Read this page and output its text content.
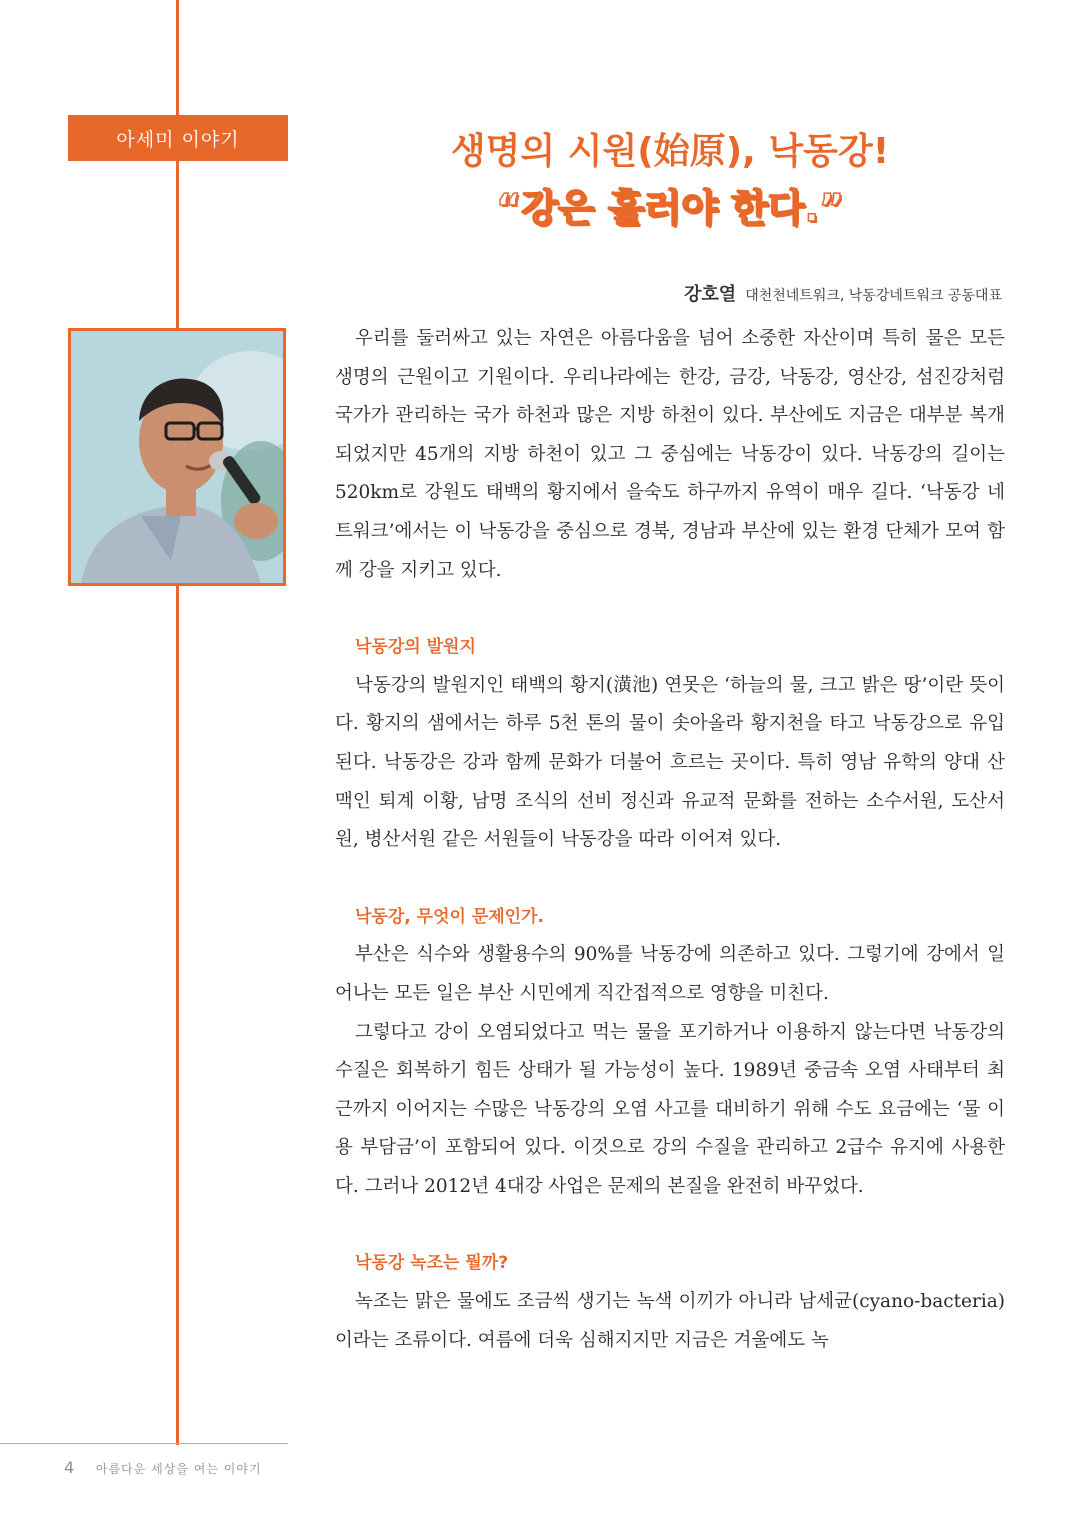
아세미 이야기	생명의 시원(始原), 낙동강!
“강은 흘러야 한다.”
강호열 대천천네트워크, 낙동강네트워크 공동대표

우리를 둘러싸고 있는 자연은 아름다움을 넘어 소중한 자산이며 특히 물은 모든 생명의 근원이고 기원이다. 우리나라에는 한강, 금강, 낙동강, 영산강, 섬진강처럼 국가가 관리하는 국가 하천과 많은 지방 하천이 있다. 부산에도 지금은 대부분 복개되었지만 45개의 지방 하천이 있고 그 중심에는 낙동강이 있다. 낙동강의 길이는 520km로 강원도 태백의 황지에서 을숙도 하구까지 유역이 매우 길다. ‘낙동강 네트워크’에서는 이 낙동강을 중심으로 경북, 경남과 부산에 있는 환경 단체가 모여 함께 강을 지키고 있다.

낙동강의 발원지

낙동강의 발원지인 태백의 황지(潢池) 연못은 ‘하늘의 물, 크고 밝은 땅’이란 뜻이다. 황지의 샘에서는 하루 5천 톤의 물이 솟아올라 황지천을 타고 낙동강으로 유입된다. 낙동강은 강과 함께 문화가 더불어 흐르는 곳이다. 특히 영남 유학의 양대 산맥인 퇴계 이황, 남명 조식의 선비 정신과 유교적 문화를 전하는 소수서원, 도산서원, 병산서원 같은 서원들이 낙동강을 따라 이어져 있다.

낙동강, 무엇이 문제인가.

부산은 식수와 생활용수의 90%를 낙동강에 의존하고 있다. 그렇기에 강에서 일어나는 모든 일은 부산 시민에게 직간접적으로 영향을 미친다.

그렇다고 강이 오염되었다고 먹는 물을 포기하거나 이용하지 않는다면 낙동강의 수질은 회복하기 힘든 상태가 될 가능성이 높다. 1989년 중금속 오염 사태부터 최근까지 이어지는 수많은 낙동강의 오염 사고를 대비하기 위해 수도 요금에는 ‘물 이용 부담금’이 포함되어 있다. 이것으로 강의 수질을 관리하고 2급수 유지에 사용한다. 그러나 2012년 4대강 사업은 문제의 본질을 완전히 바꾸었다.

낙동강 녹조는 뭘까?

녹조는 맑은 물에도 조금씩 생기는 녹색 이끼가 아니라 남세균(cyano-bacteria)이라는 조류이다. 여름에 더욱 심해지지만 지금은 겨울에도 녹

4 아름다운 세상을 여는 이야기
